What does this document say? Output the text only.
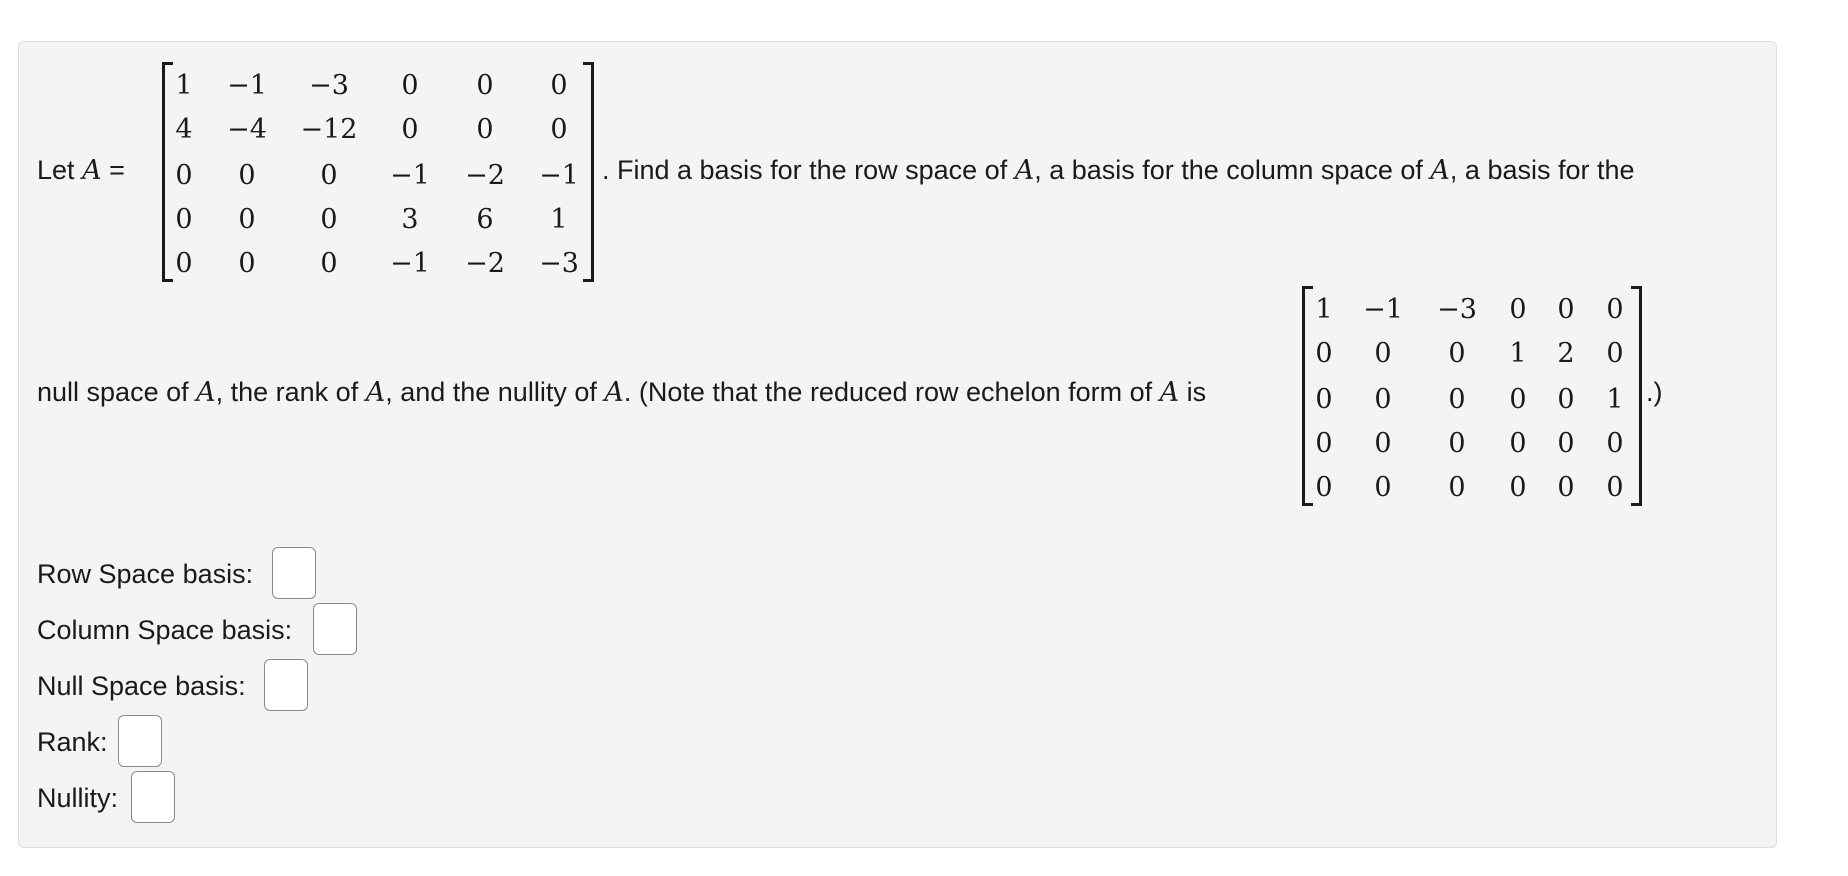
Let A =
1 −1 −3 0 0 0
4 −4 −12 0 0 0
0 0 0 −1 −2 −1
0 0 0 3 6 1
0 0 0 −1 −2 −3
. Find a basis for the row space of A, a basis for the column space of A, a basis for the
null space of A, the rank of A, and the nullity of A. (Note that the reduced row echelon form of A is
1 −1 −3 0 0 0
0 0 0 1 2 0
0 0 0 0 0 1
0 0 0 0 0 0
0 0 0 0 0 0
.)
Row Space basis:
Column Space basis:
Null Space basis:
Rank:
Nullity:
